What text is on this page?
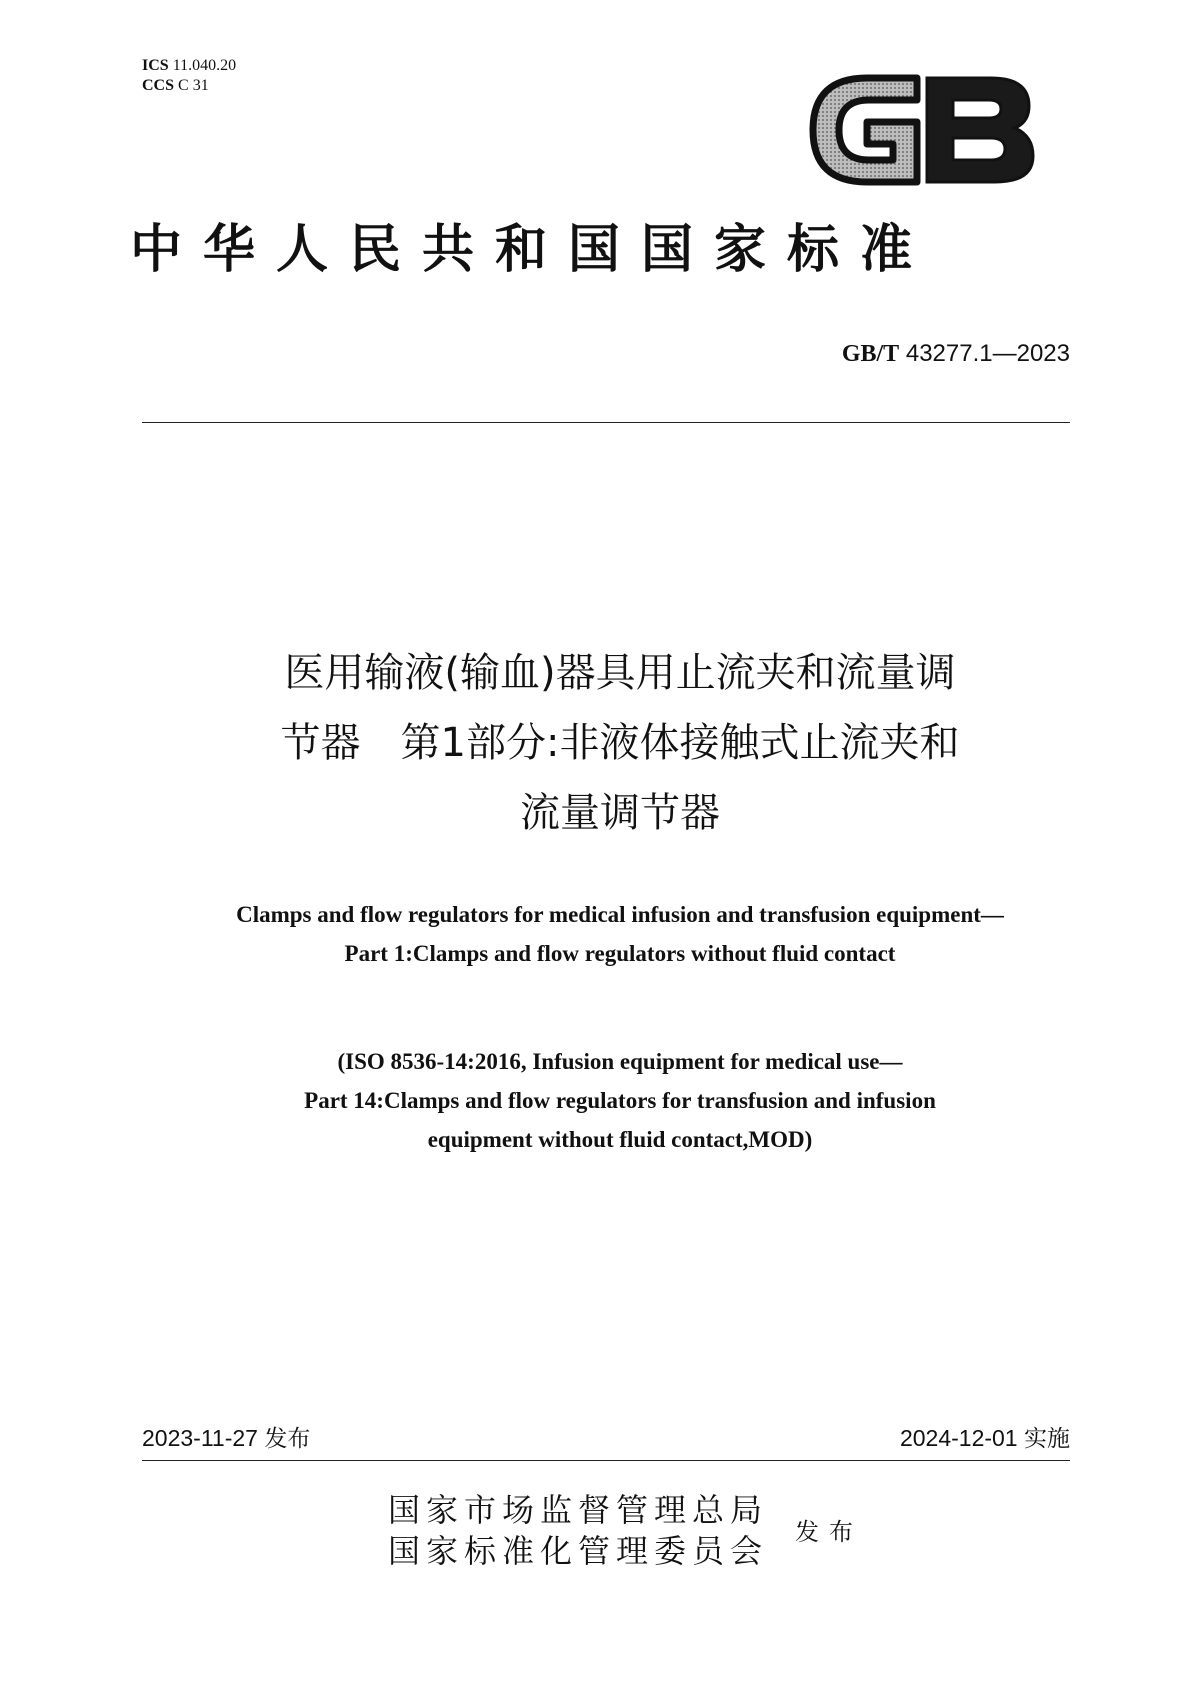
ICS 11.040.20
CCS C 31
中华人民共和国国家标准
GB/T 43277.1—2023
医用输液(输血)器具用止流夹和流量调
节器　第1部分:非液体接触式止流夹和
流量调节器
Clamps and flow regulators for medical infusion and transfusion equipment—
Part 1:Clamps and flow regulators without fluid contact
(ISO 8536-14:2016, Infusion equipment for medical use—
Part 14:Clamps and flow regulators for transfusion and infusion
equipment without fluid contact,MOD)
2023-11-27 发布	2024-12-01 实施
国家市场监督管理总局
国家标准化管理委员会 发布
